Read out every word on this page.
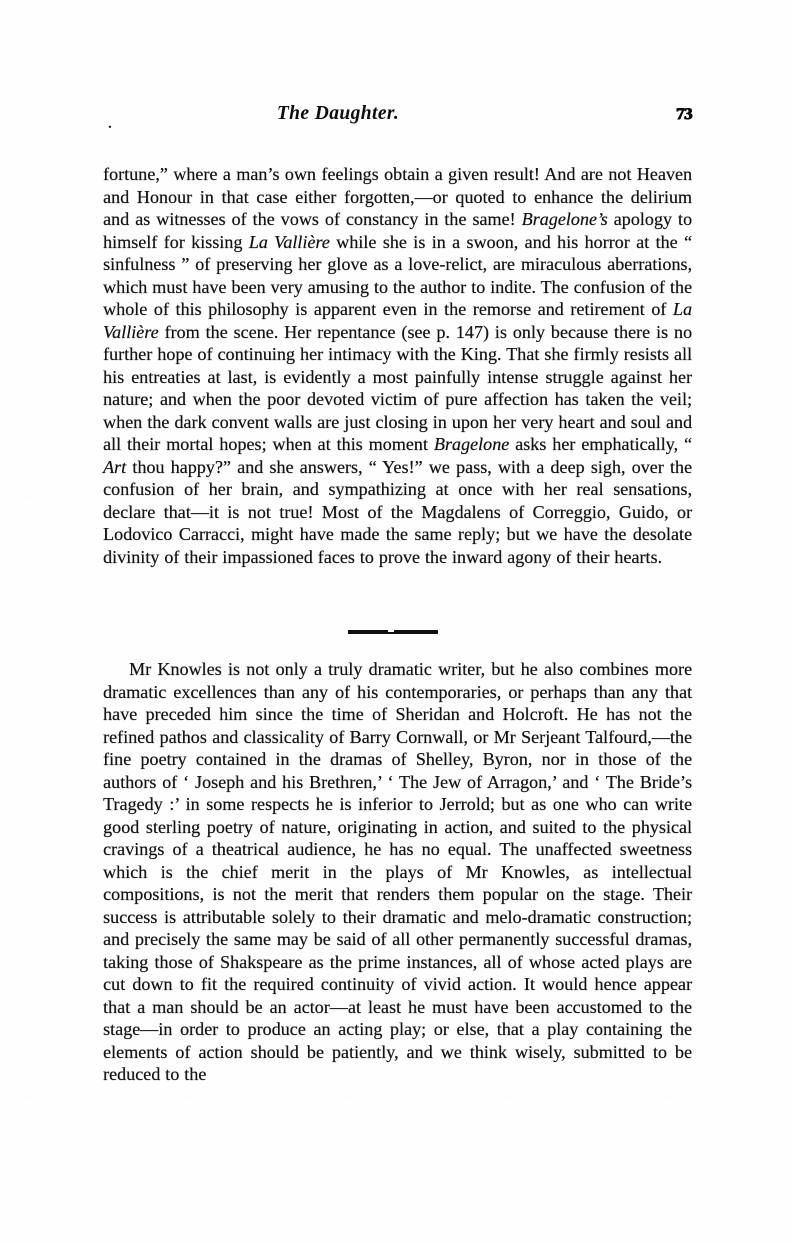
.	The Daughter.	73

fortune,” where a man’s own feelings obtain a given result! And are not Heaven and Honour in that case either forgotten,—or quoted to enhance the delirium and as witnesses of the vows of constancy in the same! Bragelone’s apology to himself for kissing La Vallière while she is in a swoon, and his horror at the “ sinfulness ” of preserving her glove as a love-relict, are miraculous aberrations, which must have been very amusing to the author to indite. The confusion of the whole of this philosophy is apparent even in the remorse and retirement of La Vallière from the scene. Her repentance (see p. 147) is only because there is no further hope of continuing her intimacy with the King. That she firmly resists all his entreaties at last, is evidently a most painfully intense struggle against her nature; and when the poor devoted victim of pure affection has taken the veil; when the dark convent walls are just closing in upon her very heart and soul and all their mortal hopes; when at this moment Bragelone asks her emphatically, “ Art thou happy?” and she answers, “ Yes!” we pass, with a deep sigh, over the confusion of her brain, and sympathizing at once with her real sensations, declare that—it is not true! Most of the Magdalens of Correggio, Guido, or Lodovico Carracci, might have made the same reply; but we have the desolate divinity of their impassioned faces to prove the inward agony of their hearts.

Mr Knowles is not only a truly dramatic writer, but he also combines more dramatic excellences than any of his contemporaries, or perhaps than any that have preceded him since the time of Sheridan and Holcroft. He has not the refined pathos and classicality of Barry Cornwall, or Mr Serjeant Talfourd,—the fine poetry contained in the dramas of Shelley, Byron, nor in those of the authors of ‘ Joseph and his Brethren,’ ‘ The Jew of Arragon,’ and ‘ The Bride’s Tragedy :’ in some respects he is inferior to Jerrold; but as one who can write good sterling poetry of nature, originating in action, and suited to the physical cravings of a theatrical audience, he has no equal. The unaffected sweetness which is the chief merit in the plays of Mr Knowles, as intellectual compositions, is not the merit that renders them popular on the stage. Their success is attributable solely to their dramatic and melo-dramatic construction; and precisely the same may be said of all other permanently successful dramas, taking those of Shakspeare as the prime instances, all of whose acted plays are cut down to fit the required continuity of vivid action. It would hence appear that a man should be an actor—at least he must have been accustomed to the stage—in order to produce an acting play; or else, that a play containing the elements of action should be patiently, and we think wisely, submitted to be reduced to the
